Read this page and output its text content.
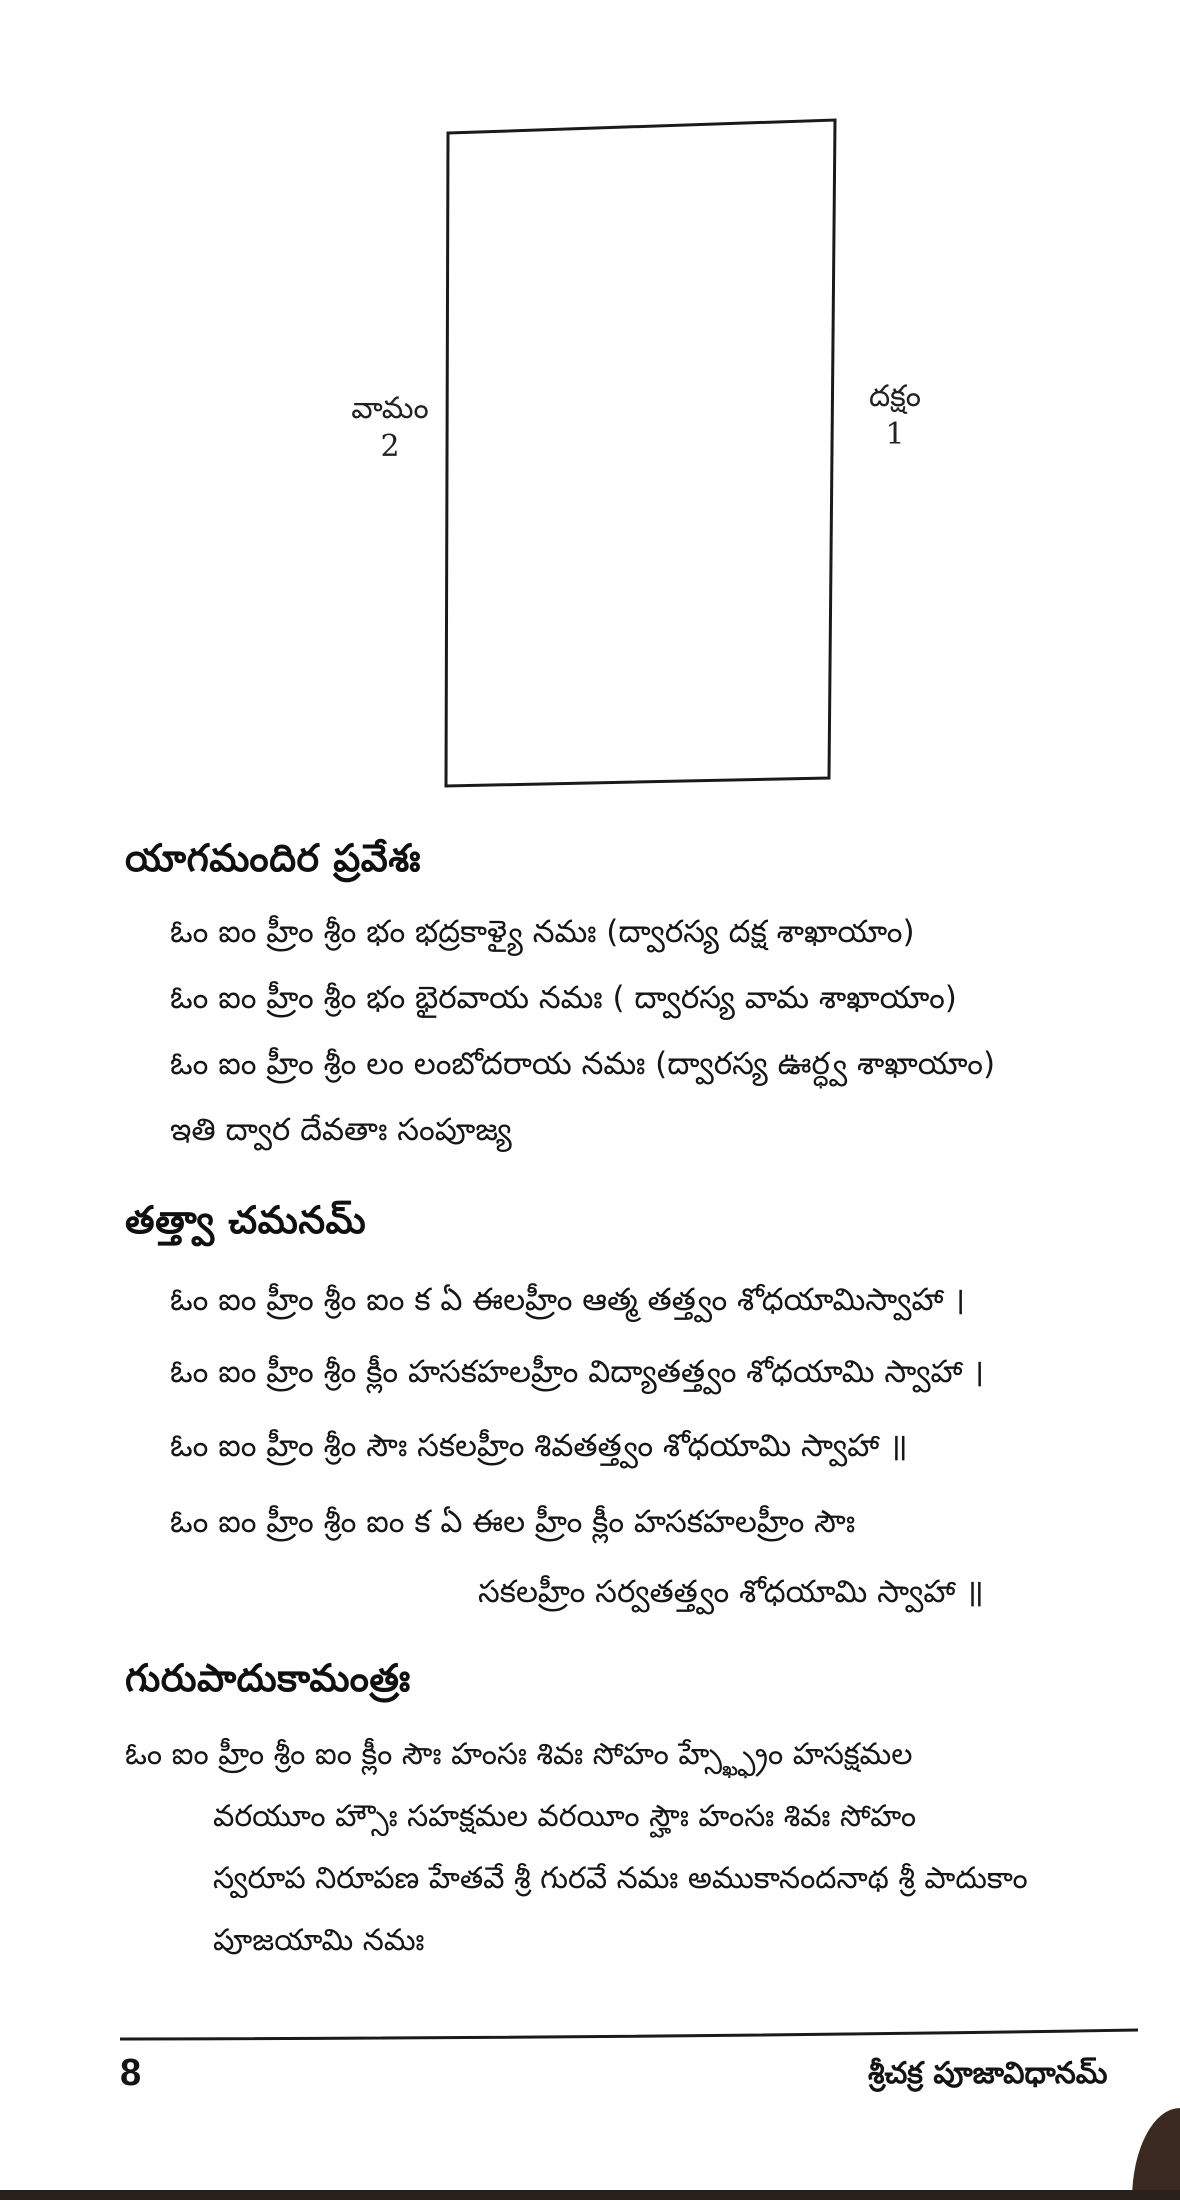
వామం
2
దక్షం
1
యాగమందిర ప్రవేశః

ఓం ఐం హ్రీం శ్రీం భం భద్రకాళ్యై నమః (ద్వారస్య దక్ష శాఖాయాం)

ఓం ఐం హ్రీం శ్రీం భం భైరవాయ నమః ( ద్వారస్య వామ శాఖాయాం)

ఓం ఐం హ్రీం శ్రీం లం లంబోదరాయ నమః (ద్వారస్య ఊర్ధ్వ శాఖాయాం)

ఇతి ద్వార దేవతాః సంపూజ్య

తత్త్వా చమనమ్

ఓం ఐం హ్రీం శ్రీం ఐం క ఏ ఈలహ్రీం ఆత్మ తత్త్వం శోధయామిస్వాహా ।

ఓం ఐం హ్రీం శ్రీం క్లీం హసకహలహ్రీం విద్యాతత్త్వం శోధయామి స్వాహా ।

ఓం ఐం హ్రీం శ్రీం సౌః సకలహ్రీం శివతత్త్వం శోధయామి స్వాహా ॥

ఓం ఐం హ్రీం శ్రీం ఐం క ఏ ఈల హ్రీం క్లీం హసకహలహ్రీం సౌః

సకలహ్రీం సర్వతత్త్వం శోధయామి స్వాహా ॥

గురుపాదుకామంత్రః

ఓం ఐం హ్రీం శ్రీం ఐం క్లీం సౌః హంసః శివః సోహం హ్స్ఖ్ఫ్రేం హసక్షమల

వరయూం హ్సౌః సహక్షమల వరయీం స్హౌః హంసః శివః సోహం

స్వరూప నిరూపణ హేతవే శ్రీ గురవే నమః అముకానందనాథ శ్రీ పాదుకాం

పూజయామి నమః

8	శ్రీచక్ర పూజావిధానమ్
